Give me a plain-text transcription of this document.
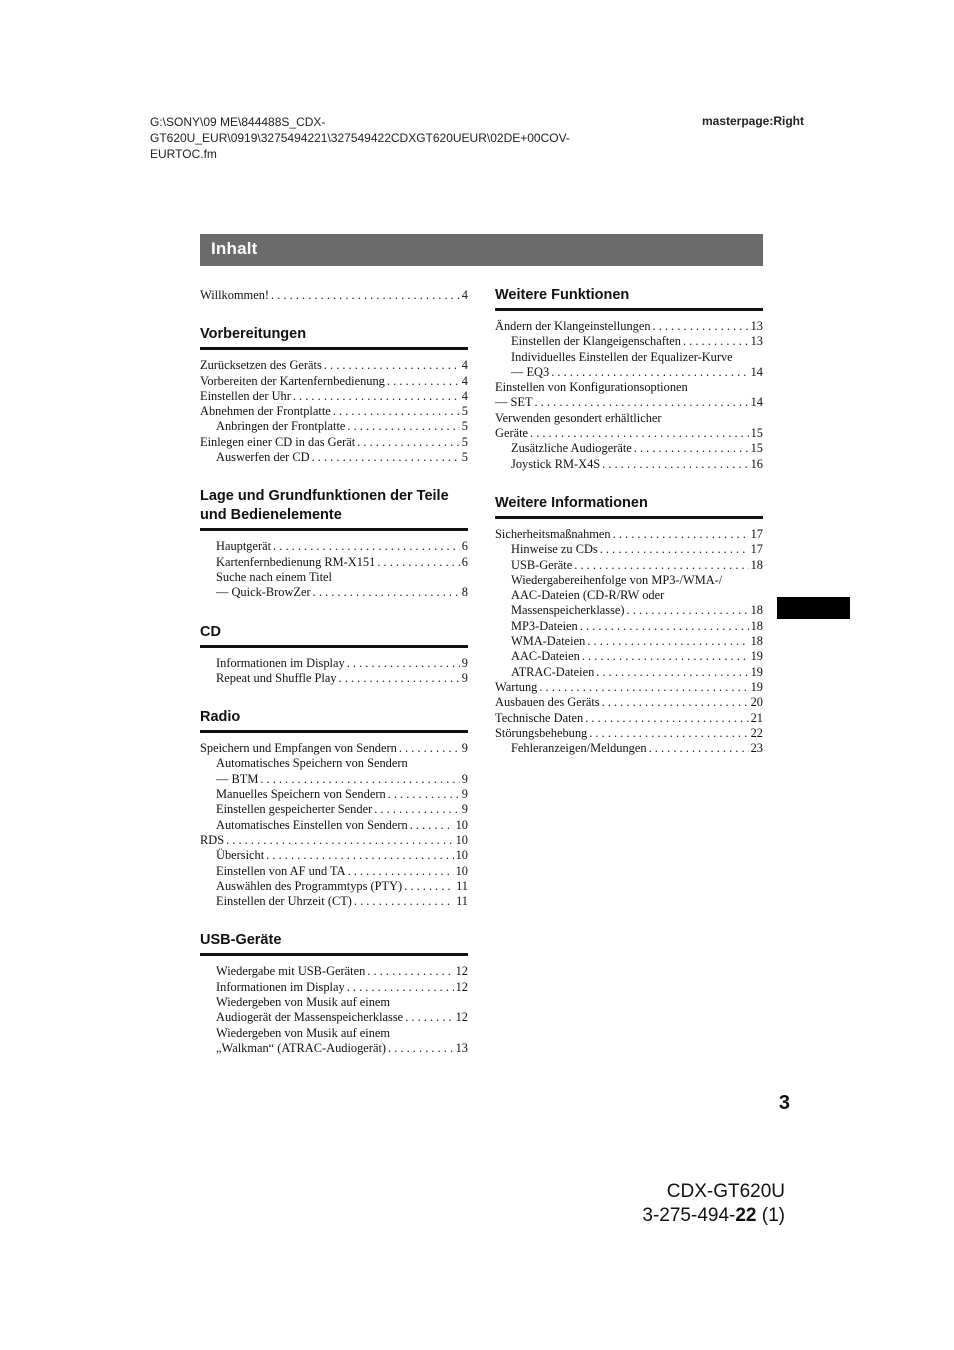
G:\SONY\09 ME\844488S_CDX-
GT620U_EUR\0919\3275494221\327549422CDXGT620UEUR\02DE+00COV-
EURTOC.fm
masterpage:Right
Inhalt
Willkommen! . . .	4
Vorbereitungen
Zurücksetzen des Geräts . . .	4
Vorbereiten der Kartenfernbedienung . . .	4
Einstellen der Uhr . . .	4
Abnehmen der Frontplatte . . .	5
Anbringen der Frontplatte . . .	5
Einlegen einer CD in das Gerät . . .	5
Auswerfen der CD . . .	5
Lage und Grundfunktionen der Teile und Bedienelemente
Hauptgerät . . .	6
Kartenfernbedienung RM-X151 . . .	6
Suche nach einem Titel
— Quick-BrowZer . . .	8
CD
Informationen im Display . . .	9
Repeat und Shuffle Play . . .	9
Radio
Speichern und Empfangen von Sendern . . .	9
Automatisches Speichern von Sendern
— BTM . . .	9
Manuelles Speichern von Sendern . . .	9
Einstellen gespeicherter Sender . . .	9
Automatisches Einstellen von Sendern . . .	10
RDS . . .	10
Übersicht . . .	10
Einstellen von AF und TA . . .	10
Auswählen des Programmtyps (PTY) . . .	11
Einstellen der Uhrzeit (CT) . . .	11
USB-Geräte
Wiedergabe mit USB-Geräten . . .	12
Informationen im Display . . .	12
Wiedergeben von Musik auf einem
Audiogerät der Massenspeicherklasse . . .	12
Wiedergeben von Musik auf einem
„Walkman“ (ATRAC-Audiogerät) . . .	13
Weitere Funktionen
Ändern der Klangeinstellungen . . .	13
Einstellen der Klangeigenschaften . . .	13
Individuelles Einstellen der Equalizer-Kurve
— EQ3 . . .	14
Einstellen von Konfigurationsoptionen
— SET . . .	14
Verwenden gesondert erhältlicher
Geräte . . .	15
Zusätzliche Audiogeräte . . .	15
Joystick RM-X4S . . .	16
Weitere Informationen
Sicherheitsmaßnahmen . . .	17
Hinweise zu CDs . . .	17
USB-Geräte . . .	18
Wiedergabereihenfolge von MP3-/WMA-/
AAC-Dateien (CD-R/RW oder
Massenspeicherklasse) . . .	18
MP3-Dateien . . .	18
WMA-Dateien . . .	18
AAC-Dateien . . .	19
ATRAC-Dateien . . .	19
Wartung . . .	19
Ausbauen des Geräts . . .	20
Technische Daten . . .	21
Störungsbehebung . . .	22
Fehleranzeigen/Meldungen . . .	23
3
CDX-GT620U
3-275-494-22 (1)
